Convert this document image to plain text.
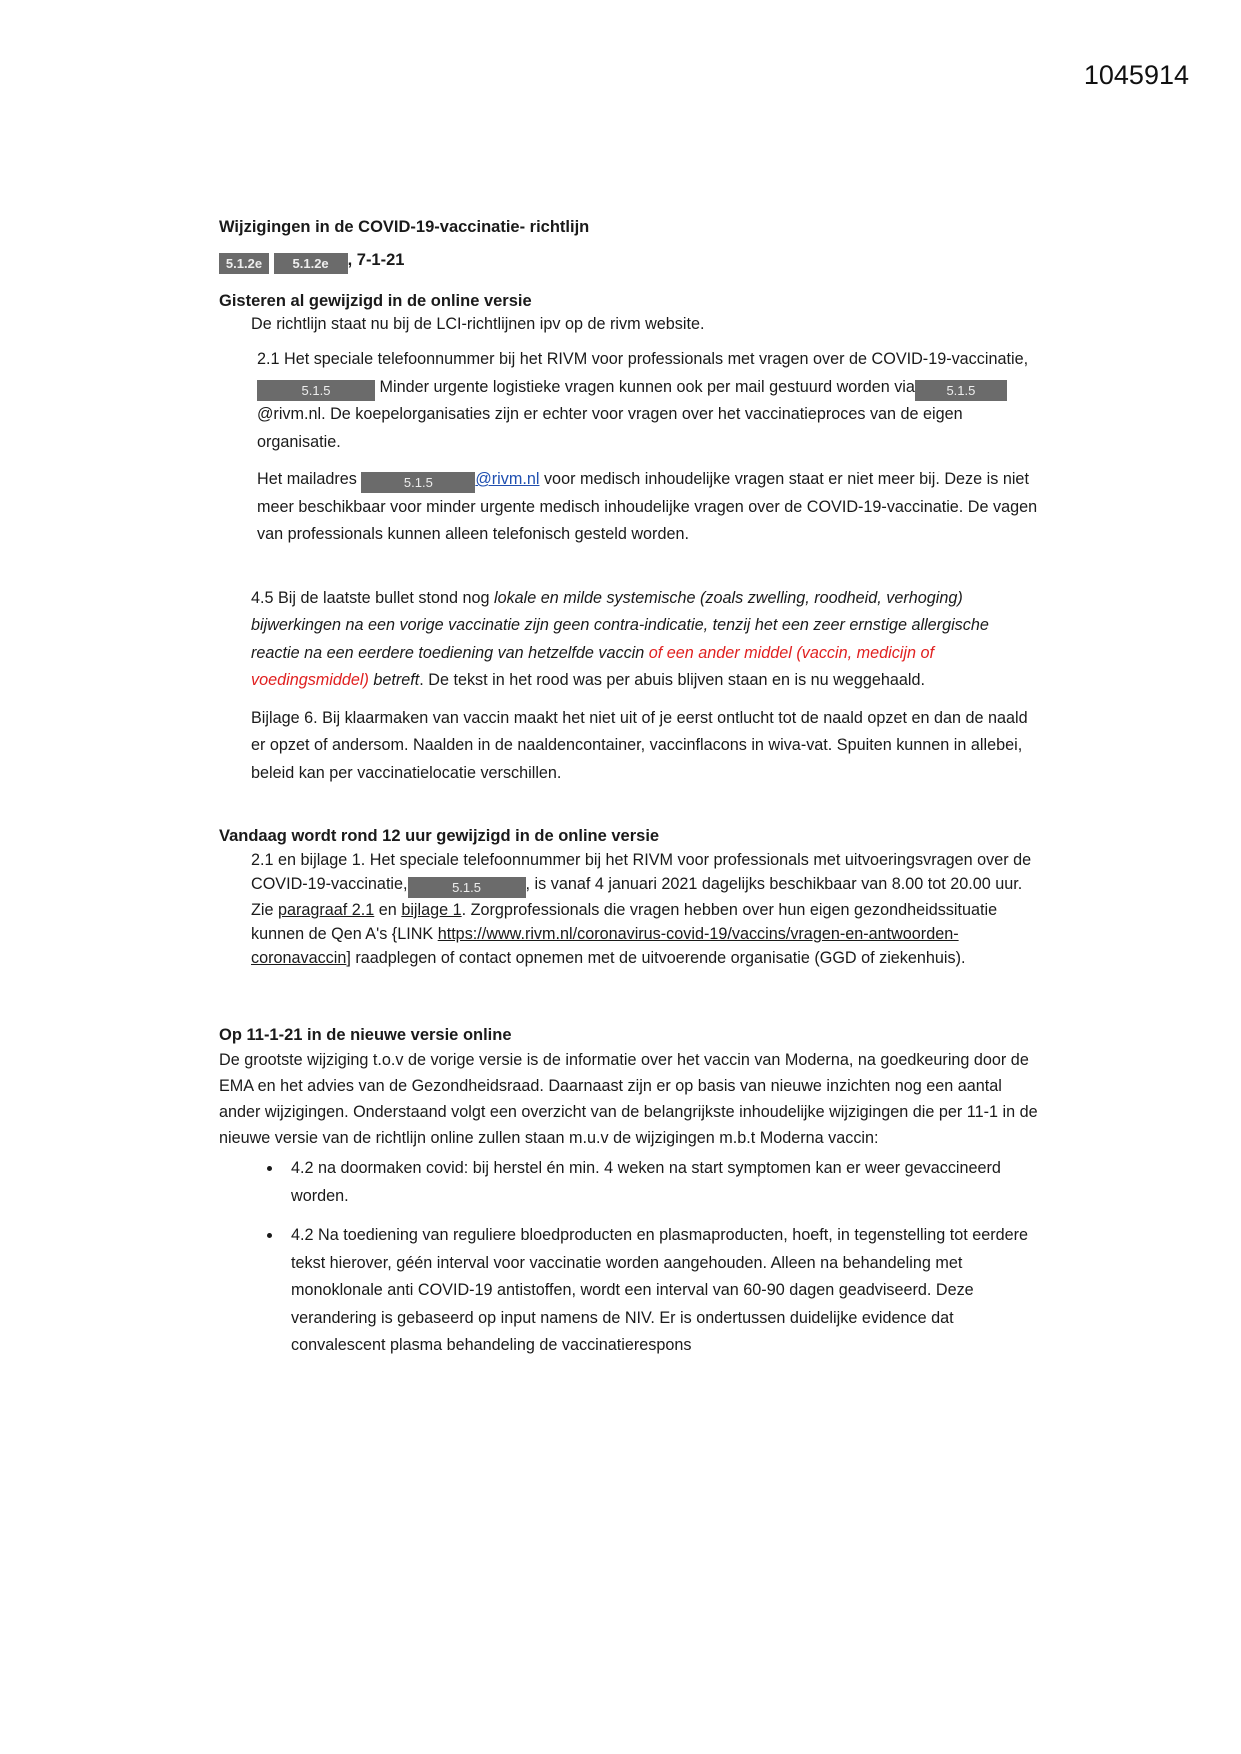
1045914

Wijzigingen in de COVID-19-vaccinatie- richtlijn

5.1.2e 5.1.2e , 7-1-21

Gisteren al gewijzigd in de online versie

De richtlijn staat nu bij de LCI-richtlijnen ipv op de rivm website.

2.1 Het speciale telefoonnummer bij het RIVM voor professionals met vragen over de COVID-19-vaccinatie,5.1.5	Minder urgente logistieke vragen kunnen ook per mail gestuurd worden via 5.1.5@rivm.nl. De koepelorganisaties zijn er echter voor vragen over het vaccinatieproces van de eigen organisatie.

Het mailadres	5.1.5	@rivm.nl voor medisch inhoudelijke vragen staat er niet meer bij. Deze is niet meer beschikbaar voor minder urgente medisch inhoudelijke vragen over de COVID-19-vaccinatie. De vagen van professionals kunnen alleen telefonisch gesteld worden.

4.5 Bij de laatste bullet stond nog lokale en milde systemische (zoals zwelling, roodheid, verhoging) bijwerkingen na een vorige vaccinatie zijn geen contra-indicatie, tenzij het een zeer ernstige allergische reactie na een eerdere toediening van hetzelfde vaccin of een ander middel (vaccin, medicijn of voedingsmiddel) betreft. De tekst in het rood was per abuis blijven staan en is nu weggehaald.

Bijlage 6. Bij klaarmaken van vaccin maakt het niet uit of je eerst ontlucht tot de naald opzet en dan de naald er opzet of andersom. Naalden in de naaldencontainer, vaccinflacons in wiva-vat. Spuiten kunnen in allebei, beleid kan per vaccinatielocatie verschillen.

Vandaag wordt rond 12 uur gewijzigd in de online versie

2.1 en bijlage 1. Het speciale telefoonnummer bij het RIVM voor professionals met uitvoeringsvragen over de COVID-19-vaccinatie,	5.1.5	, is vanaf 4 januari 2021 dagelijks beschikbaar van 8.00 tot 20.00 uur. Zie paragraaf 2.1 en bijlage 1. Zorgprofessionals die vragen hebben over hun eigen gezondheidssituatie kunnen de Qen A's {LINK https://www.rivm.nl/coronavirus-covid-19/vaccins/vragen-en-antwoorden-coronavaccin] raadplegen of contact opnemen met de uitvoerende organisatie (GGD of ziekenhuis).

Op 11-1-21 in de nieuwe versie online

De grootste wijziging t.o.v de vorige versie is de informatie over het vaccin van Moderna, na goedkeuring door de EMA en het advies van de Gezondheidsraad. Daarnaast zijn er op basis van nieuwe inzichten nog een aantal ander wijzigingen. Onderstaand volgt een overzicht van de belangrijkste inhoudelijke wijzigingen die per 11-1 in de nieuwe versie van de richtlijn online zullen staan m.u.v de wijzigingen m.b.t Moderna vaccin:

• 4.2 na doormaken covid: bij herstel én min. 4 weken na start symptomen kan er weer gevaccineerd worden.
• 4.2 Na toediening van reguliere bloedproducten en plasmaproducten, hoeft, in tegenstelling tot eerdere tekst hierover, géén interval voor vaccinatie worden aangehouden. Alleen na behandeling met monoklonale anti COVID-19 antistoffen, wordt een interval van 60-90 dagen geadviseerd. Deze verandering is gebaseerd op input namens de NIV. Er is ondertussen duidelijke evidence dat convalescent plasma behandeling de vaccinatierespons
